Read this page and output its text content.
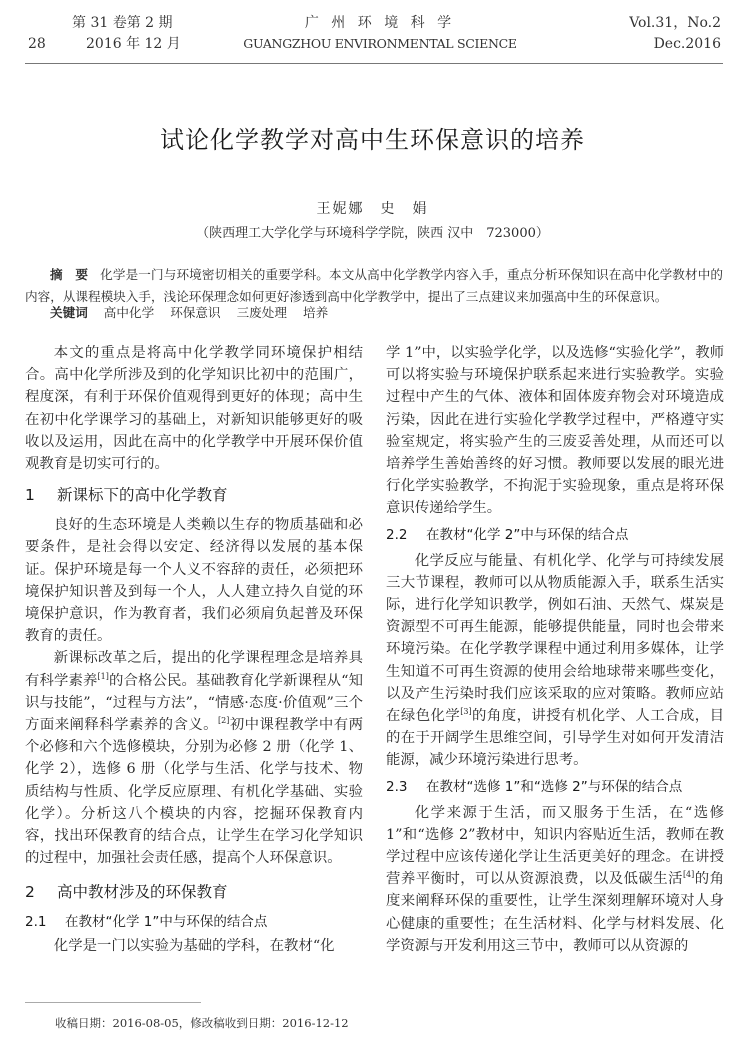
28
第 31 卷第 2 期
2016 年 12 月
广 州 环 境 科 学
GUANGZHOU ENVIRONMENTAL SCIENCE
Vol.31，No.2
Dec.2016
试论化学教学对高中生环保意识的培养
王妮娜　史　娟
（陕西理工大学化学与环境科学学院，陕西 汉中　723000）
摘　要 化学是一门与环境密切相关的重要学科。本文从高中化学教学内容入手，重点分析环保知识在高中化学教材中的内容，从课程模块入手，浅论环保理念如何更好渗透到高中化学教学中，提出了三点建议来加强高中生的环保意识。
关键词 高中化学 环保意识 三废处理 培养

本文的重点是将高中化学教学同环境保护相结合。高中化学所涉及到的化学知识比初中的范围广，程度深，有利于环保价值观得到更好的体现；高中生在初中化学课学习的基础上，对新知识能够更好的吸收以及运用，因此在高中的化学教学中开展环保价值观教育是切实可行的。

1 新课标下的高中化学教育

良好的生态环境是人类赖以生存的物质基础和必要条件，是社会得以安定、经济得以发展的基本保证。保护环境是每一个人义不容辞的责任，必须把环境保护知识普及到每一个人，人人建立持久自觉的环境保护意识，作为教育者，我们必须肩负起普及环保教育的责任。

新课标改革之后，提出的化学课程理念是培养具有科学素养[1]的合格公民。基础教育化学新课程从“知识与技能”，“过程与方法”，“情感·态度·价值观”三个方面来阐释科学素养的含义。[2]初中课程教学中有两个必修和六个选修模块，分别为必修 2 册（化学 1、化学 2），选修 6 册（化学与生活、化学与技术、物质结构与性质、化学反应原理、有机化学基础、实验化学）。分析这八个模块的内容，挖掘环保教育内容，找出环保教育的结合点，让学生在学习化学知识的过程中，加强社会责任感，提高个人环保意识。

2 高中教材涉及的环保教育
2.1 在教材“化学 1”中与环保的结合点

化学是一门以实验为基础的学科，在教材“化

学 1”中，以实验学化学，以及选修“实验化学”，教师可以将实验与环境保护联系起来进行实验教学。实验过程中产生的气体、液体和固体废弃物会对环境造成污染，因此在进行实验化学教学过程中，严格遵守实验室规定，将实验产生的三废妥善处理，从而还可以培养学生善始善终的好习惯。教师要以发展的眼光进行化学实验教学，不拘泥于实验现象，重点是将环保意识传递给学生。

2.2 在教材“化学 2”中与环保的结合点

化学反应与能量、有机化学、化学与可持续发展三大节课程，教师可以从物质能源入手，联系生活实际，进行化学知识教学，例如石油、天然气、煤炭是资源型不可再生能源，能够提供能量，同时也会带来环境污染。在化学教学课程中通过利用多媒体，让学生知道不可再生资源的使用会给地球带来哪些变化，以及产生污染时我们应该采取的应对策略。教师应站在绿色化学[3]的角度，讲授有机化学、人工合成，目的在于开阔学生思维空间，引导学生对如何开发清洁能源，减少环境污染进行思考。

2.3 在教材“选修 1”和“选修 2”与环保的结合点

化学来源于生活，而又服务于生活，在“选修 1”和“选修 2”教材中，知识内容贴近生活，教师在教学过程中应该传递化学让生活更美好的理念。在讲授营养平衡时，可以从资源浪费，以及低碳生活[4]的角度来阐释环保的重要性，让学生深刻理解环境对人身心健康的重要性；在生活材料、化学与材料发展、化学资源与开发利用这三节中，教师可以从资源的

收稿日期：2016-08-05，修改稿收到日期：2016-12-12
